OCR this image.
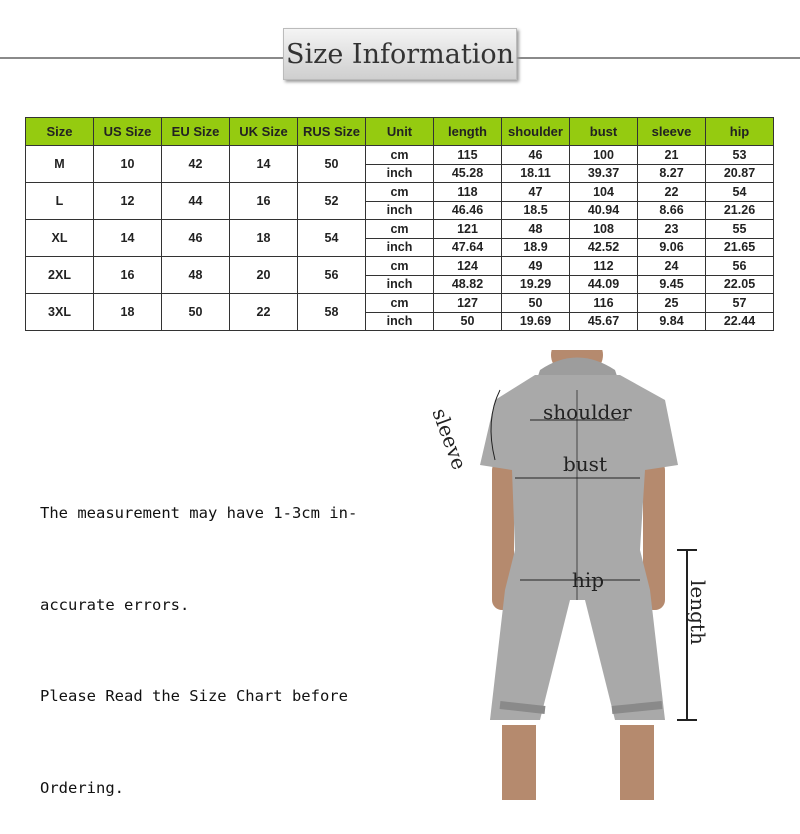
Size Information
Size	US Size	EU Size	UK Size	RUS Size	Unit	length	shoulder	bust	sleeve	hip
M	10	42	14	50	cm	115	46	100	21	53
					inch	45.28	18.11	39.37	8.27	20.87
L	12	44	16	52	cm	118	47	104	22	54
					inch	46.46	18.5	40.94	8.66	21.26
XL	14	46	18	54	cm	121	48	108	23	55
					inch	47.64	18.9	42.52	9.06	21.65
2XL	16	48	20	56	cm	124	49	112	24	56
					inch	48.82	19.29	44.09	9.45	22.05
3XL	18	50	22	58	cm	127	50	116	25	57
					inch	50	19.69	45.67	9.84	22.44

The measurement may have 1-3cm in-

accurate errors.

Please Read the Size Chart before

Ordering.

shoulder
sleeve	bust
hip	length
